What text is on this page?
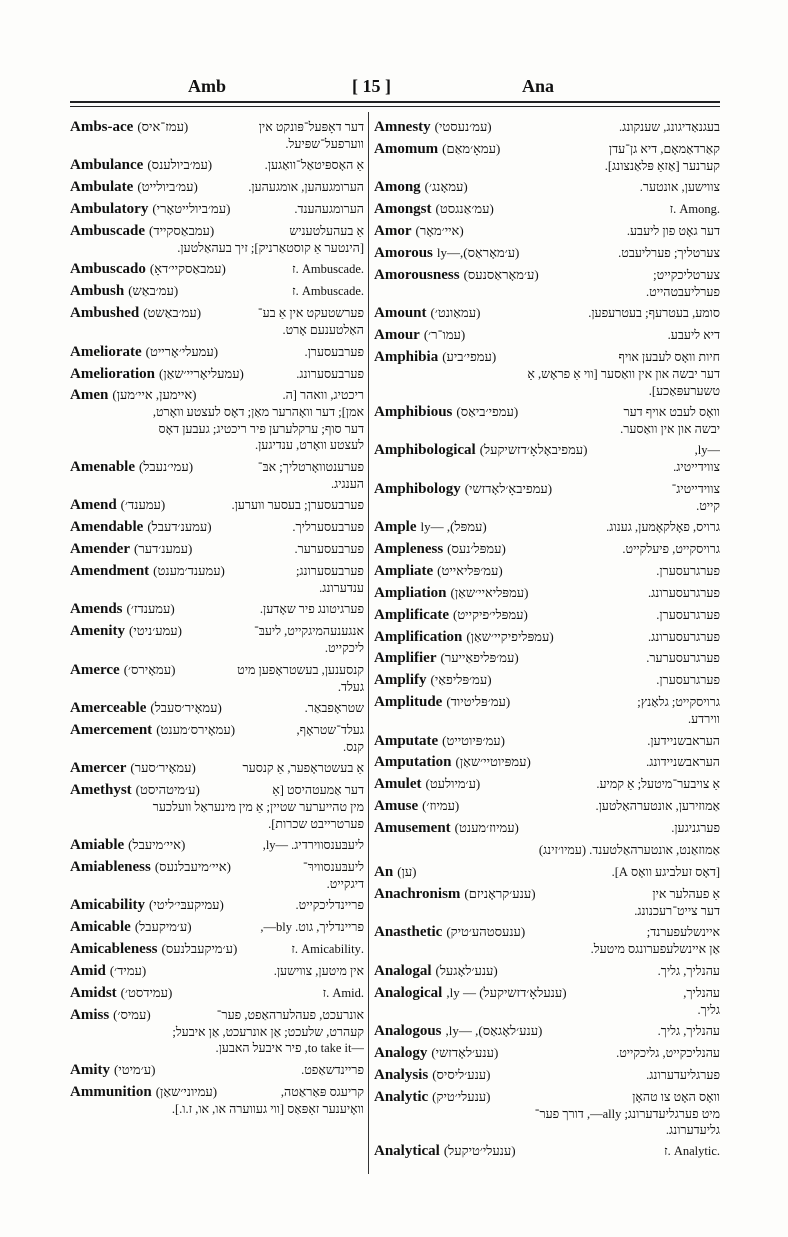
Amb	[ 15 ]	Ana
Ambs-ace (עמז־איס)	דער דאָפּעל־פּונקט אין
ווערפעל־שפּיעל.
Ambulance (עמ׳ביולענס)	אַ האָספּיטאַל־וואַגען.
Ambulate (עמ׳ביולייט)	הערומגעהען, אומגעהען.
Ambulatory (עמ׳ביולייטאָרי)	הערומגעהענד.
Ambuscade (עמבאַסקייד)	אַ בעהעלטעניש
[הינטער אַ קוסטאַרניק]; זיך בעהאַלטען.
Ambuscado (עמבאַסקיי׳דאָ)	.Ambuscade .ז
Ambush (עמ׳באַש)	.Ambuscade .ז
Ambushed (עמ׳באַשט)	פערשטעקט אין אַ בע־
האַלטענעם אָרט.
Ameliorate (עמעלי׳אָרייט)	פערבעסערן.
Amelioration (עמעליאָריי׳שאַן)	פערבעסערונג.
Amen (איימען, איי׳מען)	ריכטיג, וואהר [ה.
אמן]; דער וואָהרער מאַן; דאָס לעצטע וואָרט,
דער סוף; ערקלערען פיר ריכטיג; געבען דאָס
לעצטע וואָרט, ענדיגען.
Amenable (עמי׳נעבל)	פערענטוואָרטליך; אבּ־
הענגיג.
Amend (עמענד׳)	פערבעסערן; בעסער ווערען.
Amendable (עמענ׳דעבל)	פערבעסערליך.
Amender (עמענ׳דער)	פערבעסערער.
Amendment (עמענד׳מענט)	פערבעסערונג;
ענדערונג.
Amends (עמענדז׳)	פערגיטונג פיר שאָדען.
Amenity (עמע׳ניטי)	אנגענעהמיגקייט, ליעבּ־
ליכקייט.
Amerce (עמאָירס׳)	קנסענען, בעשטראָפען מיט
געלד.
Amerceable (עמאָיר׳סעבל)	שטראָפבאַר.
Amercement (עמאָירס׳מענט)	געלד־שטראָף,
קנס.
Amercer (עמאָיר׳סער)	אַ בעשטראָפער, אַ קנסער
Amethyst (ע׳מיטהיסט)	דער אַמעטהיסט [אַ
מין טהייערער שטיין; אַ מין מינעראַל וועלכער
פערטרייבט שכרות].
Amiable (איי׳מיעבל)	ליעבּענסווירדיג. —ly,
Amiableness (איי׳מיעבלנעס)	ליעבּענסווירּ־
דיגקייט.
Amicability (עמיקעבּי׳ליטי)	פריינדליכקייט.
Amicable (ע׳מיקעבל)	פריינדליך, גוט. bly—,
Amicableness (ע׳מיקעבלנעס)	.Amicability .ז
Amid (עמיד׳)	אין מיטען, צווישען.
Amidst (עמידסט׳)	.Amid .ז
Amiss (עמיס׳)	אונרעכט, פעהלערהאַפט, פער־
קעהרט, שלעכט; אַן אונרעכט, אַן איבעל;
—to take it, פיר איבעל האבען.
Amity (ע׳מיטי)	פריינדשאַפט.
Ammunition (עמיוני׳שאַן)	קריעגס פּאַראַטה,
וואָיענער זאַפּאַס [ווי געווערה או, או, ז.ו.].
Amnesty (עמ׳נעסטי)	בעגנאַדיגונג, שענקונג.
Amomum (עמאָ׳מאַם)	קאַרדאַמאָם, דיא גן־עדן
קערנער [אַזאַ פּלאַנצונג].
Among (עמאָנג׳)	צווישען, אונטער.
Amongst (עמ׳אַנגסט)	.Among .ז
Amor (איי׳מאָר)	דער גאָט פון ליעבע.
Amorous (ע׳מאָראַס),—ly	צערטליך; פערליעבט.
Amorousness (ע׳מאָראַסנעס)	צערטליכקייט;
פערליעבטהייט.
Amount (עמאַונט׳)	סומע, בעטרעף; בעטרעפען.
Amour (עמו־ר׳)	דיא ליעבע.
Amphibia (עמפי׳ביע)	חיות וואָס לעבען אויף
דער יבשה און אין וואַסער [ווי אַ פראָש, אַ
טשערעפּאַכע].
Amphibious (עמפי׳ביאַס)	וואָס לעבט אויף דער
יבשה און אין וואַסער.
Amphibological (עמפיבאָלאָ׳דזשיקעל)	—ly,
צווידייטיג.
Amphibology (עמפיבאָ׳לאָדזשי)	צווידייטיג־
קייט.
Ample (עמפּל), —ly	גרויס, פאָלקאָמען, גענוג.
Ampleness (עמפּל׳נעס)	גרויסקייט, פיעלקייט.
Ampliate (עמ׳פּליאייט)	פערגרעסערן.
Ampliation (עמפּליאיי׳שאַן)	פערגרעסערונג.
Amplificate (עמפּלי׳פיקייט)	פערגרעסערן.
Amplification (עמפּליפיקיי׳שאַן)	פערגרעסערונג.
Amplifier (עמ׳פּליפאַייער)	פערגרעסערער.
Amplify (עמ׳פּליפאַי)	פערגרעסערן.
Amplitude (עמ׳פּליטיוד)	גרויסקייט; גלאַנץ;
ווירדע.
Amputate (עמ׳פּיוטייט)	הערא‍בשניידען.
Amputation (עמפּיוטיי׳שאַן)	הערא‍בשניידונג.
Amulet (ע׳מיולעט)	אַ צויבער־מיטעל; אַ קמיע.
Amuse (עמיוז׳)	אַמוזירען, אונטערהאַלטען.
Amusement (עמיוז׳מענט)	פערגניגען.
אַמוזאַנט, אונטערהאַלטענד. (עמיו׳זינג)
An (ען)	[דאָס זעלביגע וואָס A].
Anachronism (ענע׳קראָניזם)	אַ פעהלער אין
דער צייט־רעכנונג.
Anasthetic (ענעסטהע׳טיק)	איינשלעפערנד;
אַן איינשלעפערונגס מיטעל.
Analogal (ענע׳לאָגעל)	עהנליך, גליך.
Analogical (ענעלאָ׳דזשיקעל) — ly,	עהנליך,
גליך.
Analogous (ענע׳לאָגאַס), —ly,	עהנליך, גליך.
Analogy (ענע׳לאָדזשי)	עהנליכקייט, גליכקייט.
Analysis (ענע׳ליסיס)	פערגליעדערונג.
Analytic (ענעלי׳טיק)	וואָס האָט צו טהאָן
מיט פערגליעדערונג; ally—, דורך פער־
גליעדערונג.
Analytical (ענעלי׳טיקעל)	.Analytic .ז
